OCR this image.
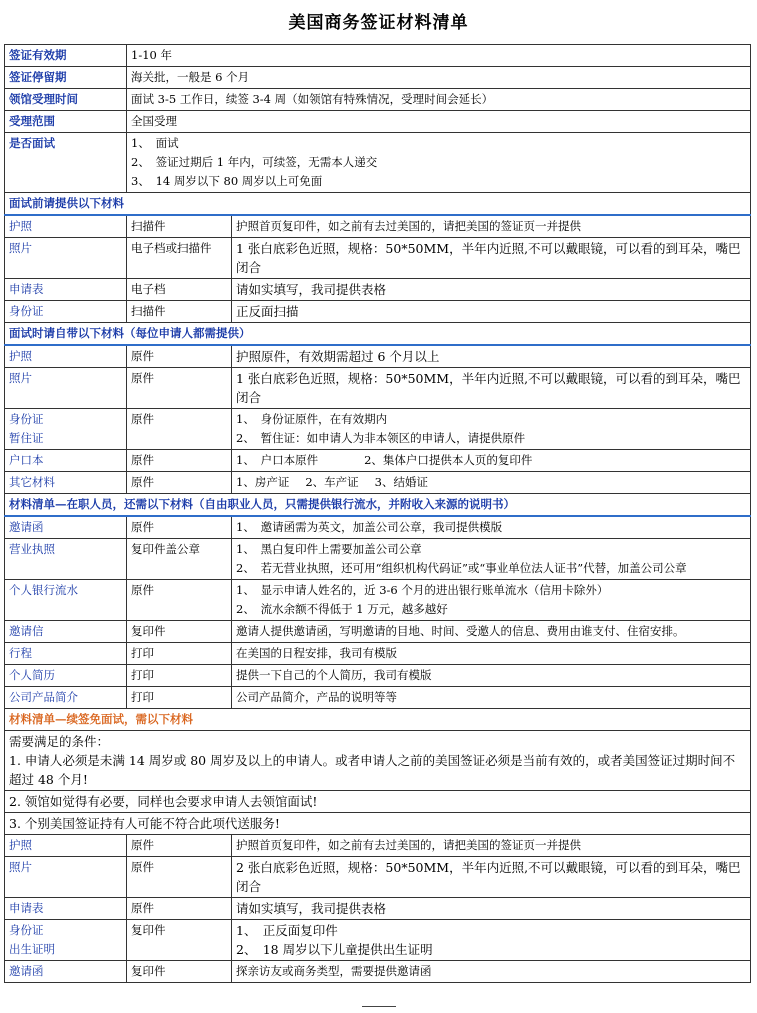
美国商务签证材料清单
签证有效期	1-10 年	
签证停留期	海关批，一般是 6 个月	
领馆受理时间	面试 3-5 工作日，续签 3-4 周（如领馆有特殊情况，受理时间会延长）	
受理范围	全国受理	
是否面试	1、　面试
2、　签证过期后 1 年内，可续签，无需本人递交
3、　14 周岁以下 80 周岁以上可免面	

面试前请提供以下材料		
护照	扫描件	护照首页复印件，如之前有去过美国的，请把美国的签证页一并提供
照片	电子档或扫描件	1 张白底彩色近照，规格：50*50MM，半年内近照,不可以戴眼镜，可以看的到耳朵，嘴巴闭合
申请表	电子档	请如实填写，我司提供表格
身份证	扫描件	正反面扫描
面试时请自带以下材料（每位申请人都需提供）		
护照	原件	护照原件，有效期需超过 6 个月以上
照片	原件	1 张白底彩色近照，规格：50*50MM，半年内近照,不可以戴眼镜，可以看的到耳朵，嘴巴闭合

身份证
暂住证	原件	1、　身份证原件，在有效期内
2、　暂住证：如申请人为非本领区的申请人，请提供原件

户口本	原件	1、　户口本原件 2、集体户口提供本人页的复印件
其它材料	原件	1、房产证 2、车产证 3、结婚证
材料清单—在职人员，还需以下材料（自由职业人员，只需提供银行流水，并附收入来源的说明书）		
邀请函	原件	1、　邀请函需为英文，加盖公司公章，我司提供模版
营业执照	复印件盖公章	1、　黑白复印件上需要加盖公司公章
2、　若无营业执照，还可用“组织机构代码证”或“事业单位法人证书”代替，加盖公司公章

个人银行流水	原件	1、　显示申请人姓名的，近 3-6 个月的进出银行账单流水（信用卡除外）
2、　流水余额不得低于 1 万元，越多越好

邀请信	复印件	邀请人提供邀请函，写明邀请的目地、时间、受邀人的信息、费用由谁支付、住宿安排。
行程	打印	在美国的日程安排，我司有模版
个人简历	打印	提供一下自己的个人简历，我司有模版
公司产品简介	打印	公司产品简介，产品的说明等等
材料清单—续签免面试，需以下材料		

需要满足的条件：
1. 申请人必须是未满 14 周岁或 80 周岁及以上的申请人。或者申请人之前的美国签证必须是当前有效的，或者美国签证过期时间不超过 48 个月!		

2. 领馆如觉得有必要，同样也会要求申请人去领馆面试!		
3. 个别美国签证持有人可能不符合此项代送服务!		
护照	原件	护照首页复印件，如之前有去过美国的，请把美国的签证页一并提供
照片	原件	2 张白底彩色近照，规格：50*50MM，半年内近照,不可以戴眼镜，可以看的到耳朵，嘴巴闭合
申请表	原件	请如实填写，我司提供表格

身份证
出生证明	复印件	1、　正反面复印件
2、　18 周岁以下儿童提供出生证明

邀请函	复印件	探亲访友或商务类型，需要提供邀请函
